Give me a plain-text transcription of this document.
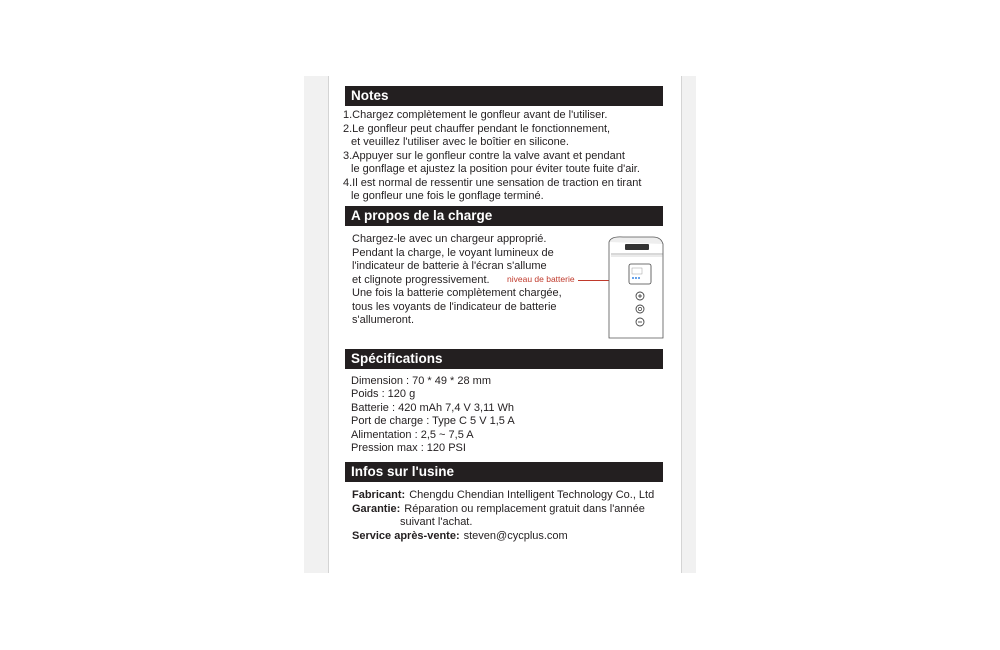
Notes
1.Chargez complètement le gonfleur avant de l'utiliser.
2.Le gonfleur peut chauffer pendant le fonctionnement,
et veuillez l'utiliser avec le boîtier en silicone.
3.Appuyer sur le gonfleur contre la valve avant et pendant
le gonflage et ajustez la position pour éviter toute fuite d'air.
4.Il est normal de ressentir une sensation de traction en tirant
le gonfleur une fois le gonflage terminé.
A propos de la charge
Chargez-le avec un chargeur approprié.
Pendant la charge, le voyant lumineux de
l'indicateur de batterie à l'écran s'allume
et clignote progressivement.
Une fois la batterie complètement chargée,
tous les voyants de l'indicateur de batterie
s'allumeront.
niveau de batterie
Spécifications
Dimension : 70 * 49 * 28 mm
Poids : 120 g
Batterie : 420 mAh 7,4 V 3,11 Wh
Port de charge : Type C 5 V 1,5 A
Alimentation : 2,5 ~ 7,5 A
Pression max : 120 PSI
Infos sur l'usine
Fabricant: Chengdu Chendian Intelligent Technology Co., Ltd
Garantie: Réparation ou remplacement gratuit dans l'année
suivant l'achat.
Service après-vente: steven@cycplus.com
